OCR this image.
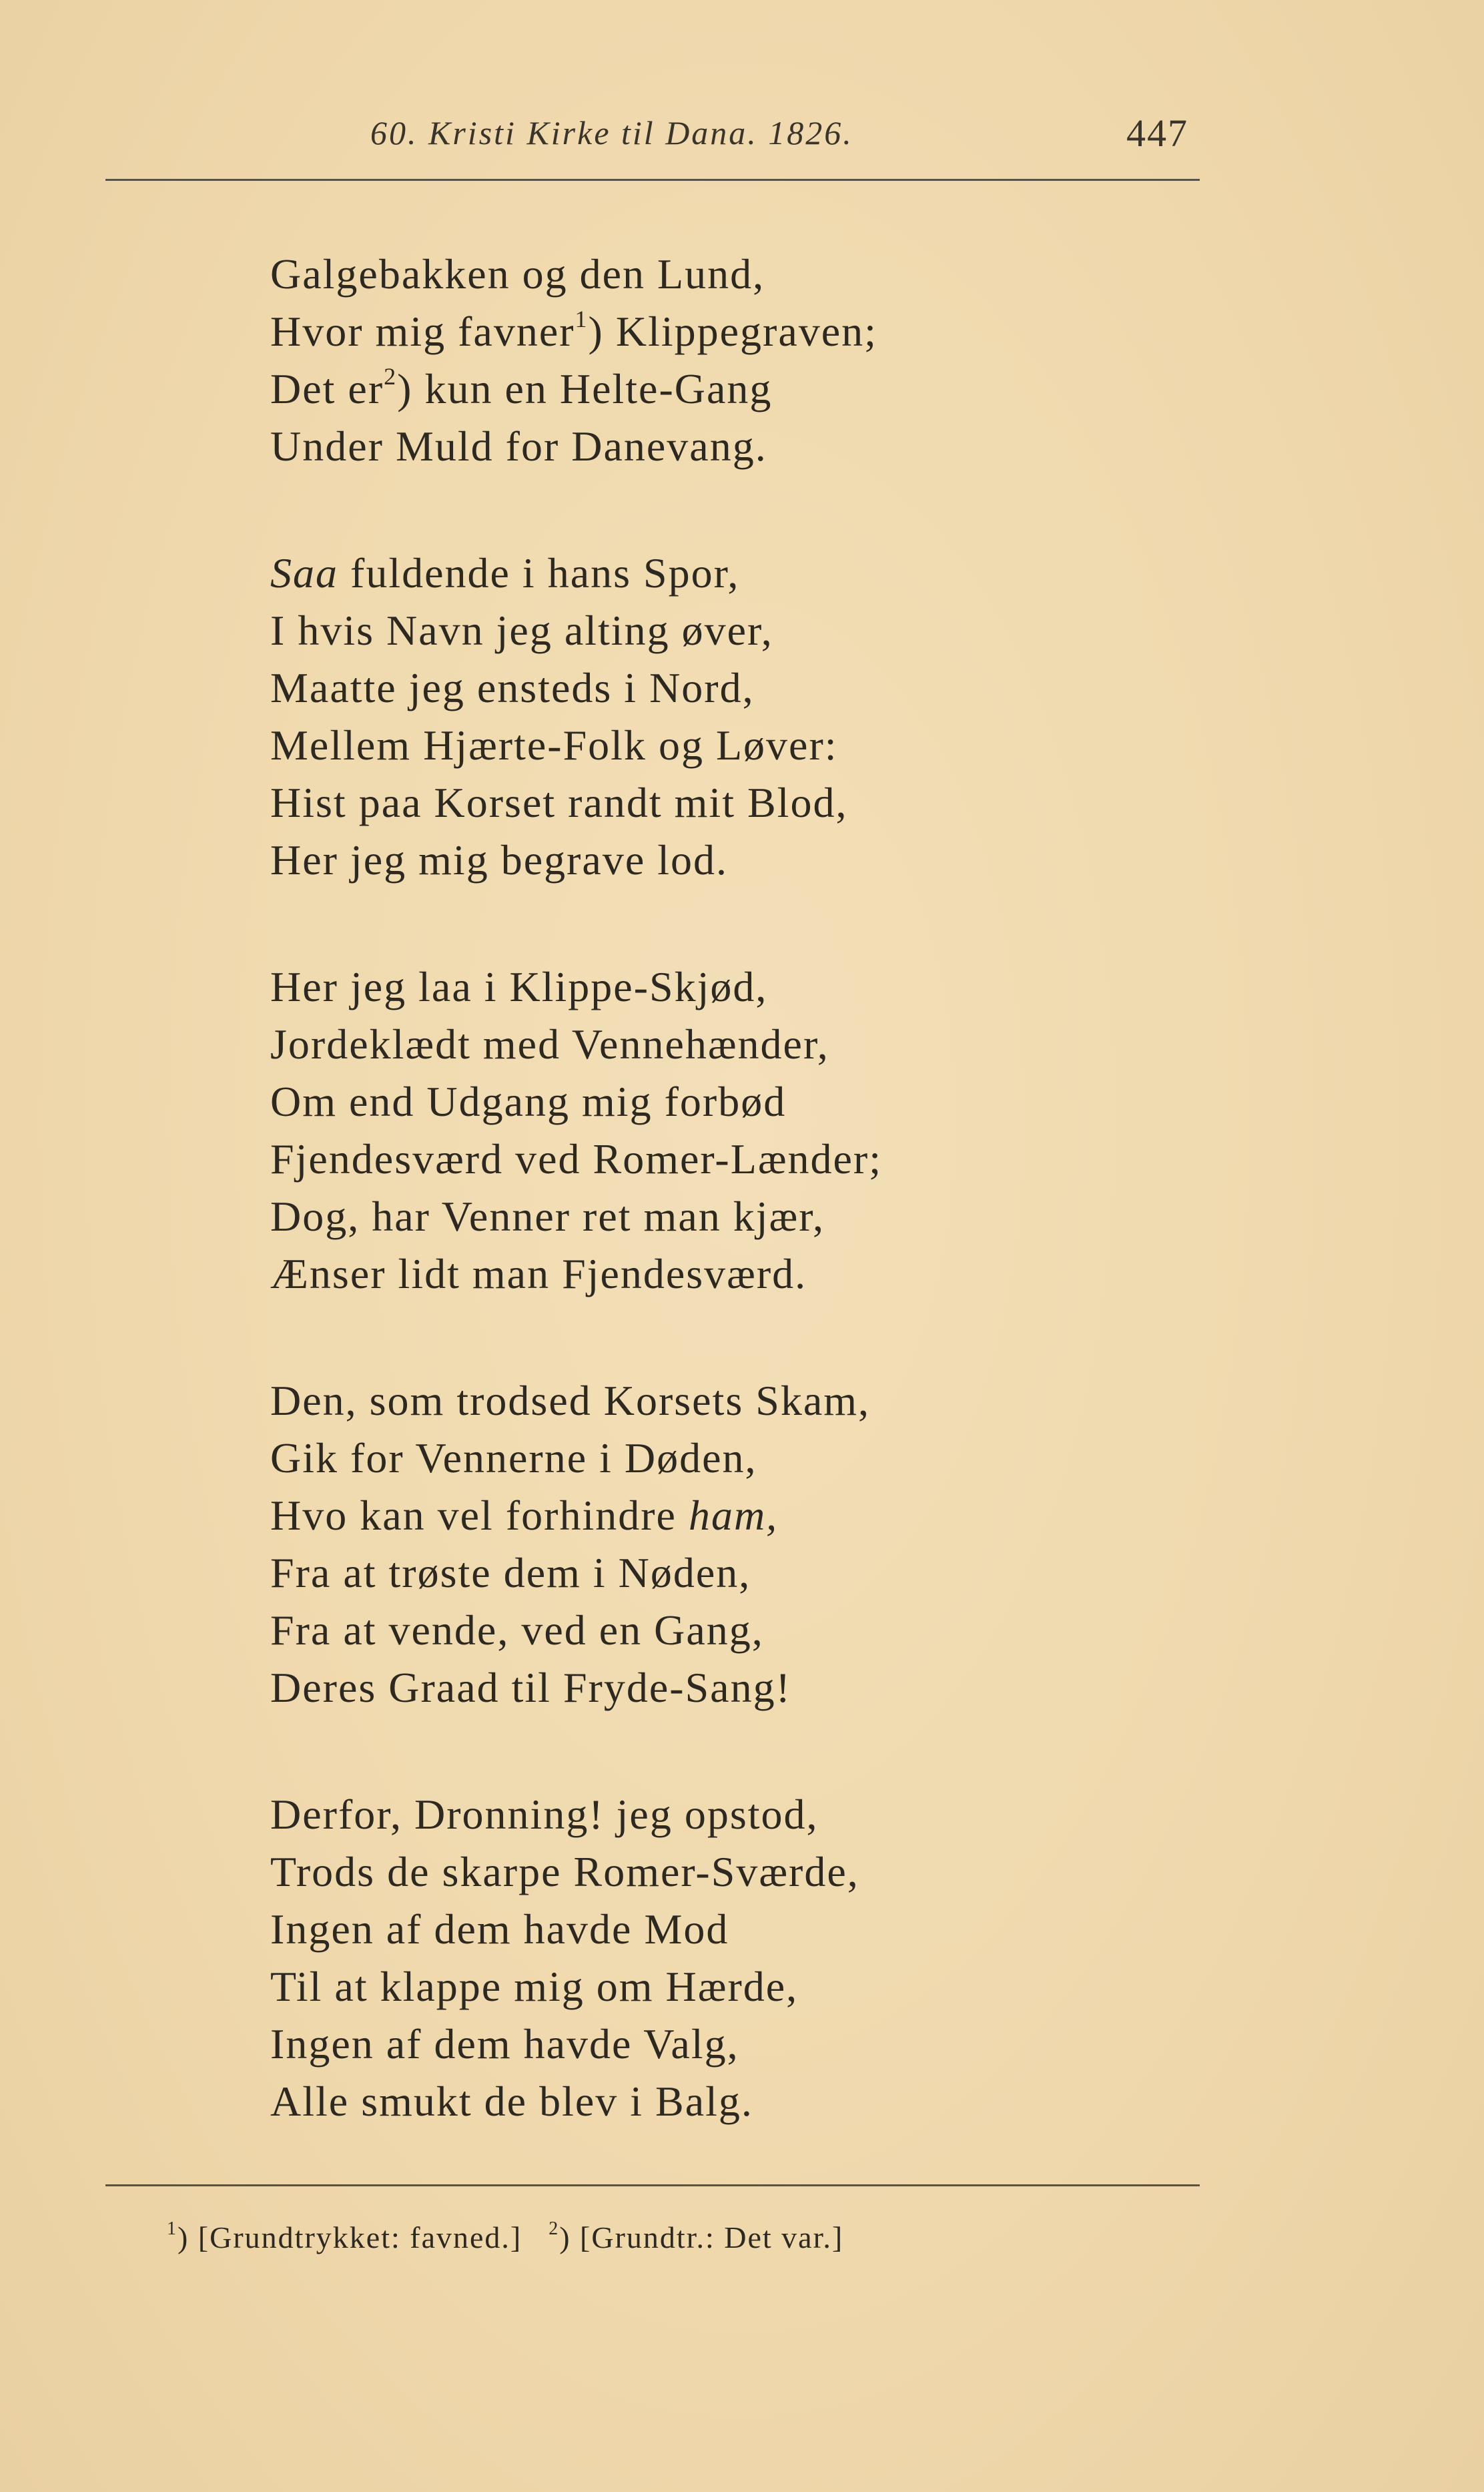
60. Kristi Kirke til Dana. 1826.	447
Galgebakken og den Lund,
Hvor mig favner$^1$) Klippegraven;
Det $er^2$) kun en Helte-Gang
Under Muld for Danevang.
Saa fuldende i hans Spor,
I hvis Navn jeg alting øver,
Maatte jeg ensteds i Nord,
Mellem Hjærte-Folk og Løver:
Hist paa Korset randt mit Blod,
Her jeg mig begrave lod.
Her jeg laa i Klippe-Skjød,
Jordeklædt med Vennehænder,
Om end Udgang mig forbød
Fjendesværd ved Romer-Lænder;
Dog, har Venner ret man kjær,
Ænser lidt man Fjendesværd.
Den, som trodsed Korsets Skam,
Gik for Vennerne i Døden,
Hvo kan vel forhindre ham,
Fra at trøste dem i Nøden,
Fra at vende, ved en Gang,
Deres Graad til Fryde-Sang!
Derfor, Dronning! jeg opstod,
Trods de skarpe Romer-Sværde,
Ingen af dem havde Mod
Til at klappe mig om Hærde,
Ingen af dem havde Valg,
Alle smukt de blev i Balg.
$^1$) [Grundtrykket: favned.] $^2$) [Grundtr.: Det var.]
